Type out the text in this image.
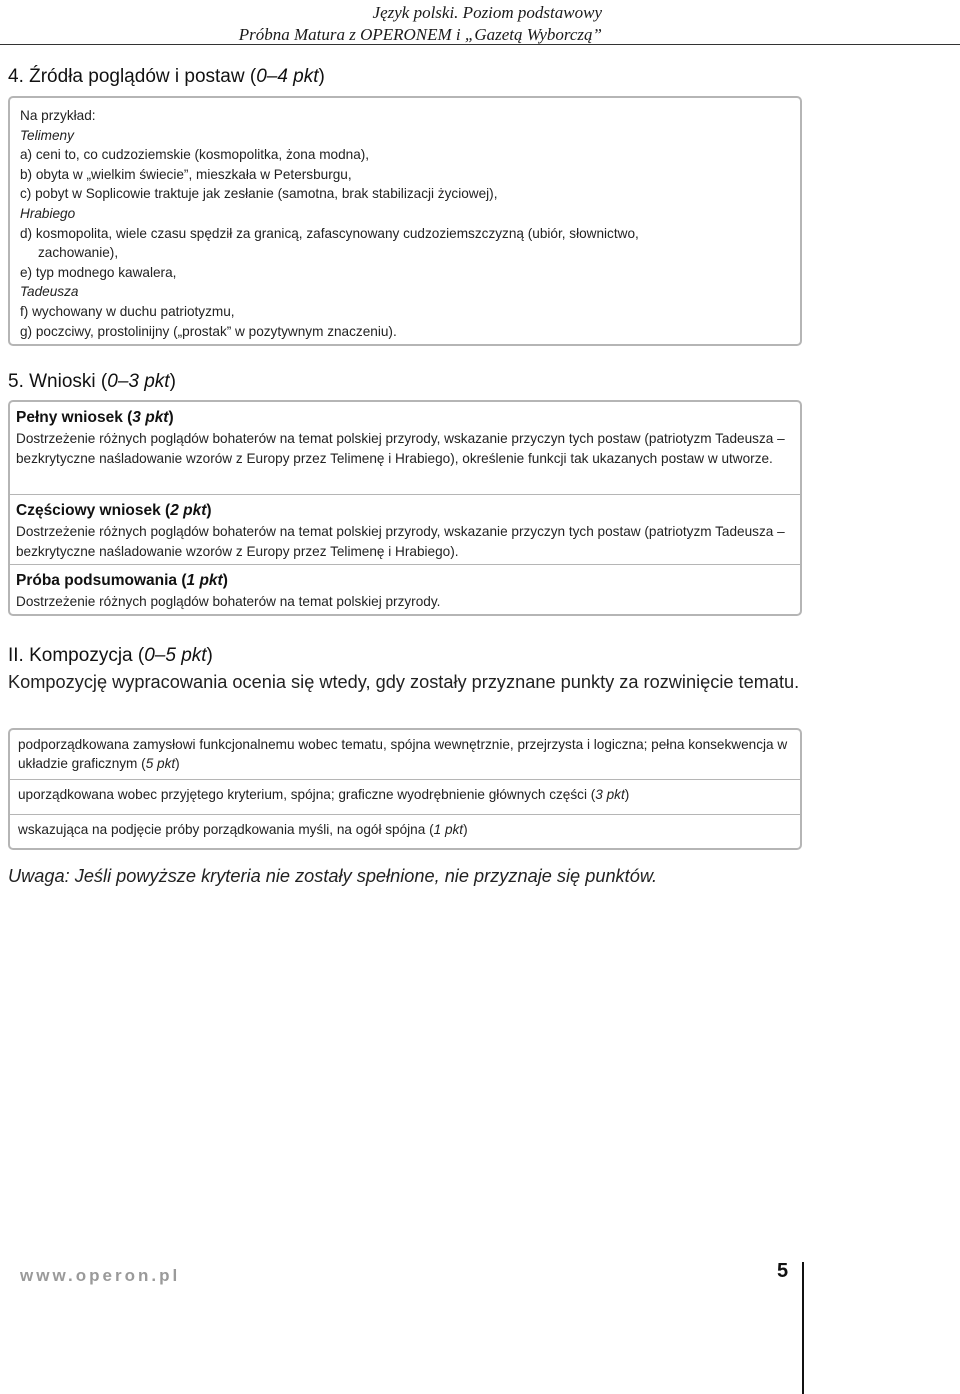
Język polski. Poziom podstawowy
Próbna Matura z OPERONEM i „Gazetą Wyborczą”
4. Źródła poglądów i postaw (0–4 pkt)
Na przykład:
Telimeny
a) ceni to, co cudzoziemskie (kosmopolitka, żona modna),
b) obyta w „wielkim świecie”, mieszkała w Petersburgu,
c) pobyt w Soplicowie traktuje jak zesłanie (samotna, brak stabilizacji życiowej),
Hrabiego
d) kosmopolita, wiele czasu spędził za granicą, zafascynowany cudzoziemszczyzną (ubiór, słownictwo,
zachowanie),
e) typ modnego kawalera,
Tadeusza
f) wychowany w duchu patriotyzmu,
g) poczciwy, prostolinijny („prostak” w pozytywnym znaczeniu).
5. Wnioski (0–3 pkt)
Pełny wniosek (3 pkt)
Dostrzeżenie różnych poglądów bohaterów na temat polskiej przyrody, wskazanie przyczyn tych postaw (patriotyzm Tadeusza – bezkrytyczne naśladowanie wzorów z Europy przez Telimenę i Hrabiego), określenie funkcji tak ukazanych postaw w utworze.
Częściowy wniosek (2 pkt)
Dostrzeżenie różnych poglądów bohaterów na temat polskiej przyrody, wskazanie przyczyn tych postaw (patriotyzm Tadeusza – bezkrytyczne naśladowanie wzorów z Europy przez Telimenę i Hrabiego).
Próba podsumowania (1 pkt)
Dostrzeżenie różnych poglądów bohaterów na temat polskiej przyrody.
II. Kompozycja (0–5 pkt)
Kompozycję wypracowania ocenia się wtedy, gdy zostały przyznane punkty za rozwinięcie tematu.
podporządkowana zamysłowi funkcjonalnemu wobec tematu, spójna wewnętrznie, przejrzysta i logiczna; pełna konsekwencja w układzie graficznym (5 pkt)
uporządkowana wobec przyjętego kryterium, spójna; graficzne wyodrębnienie głównych części (3 pkt)
wskazująca na podjęcie próby porządkowania myśli, na ogół spójna (1 pkt)
Uwaga: Jeśli powyższe kryteria nie zostały spełnione, nie przyznaje się punktów.
www.operon.pl	5
